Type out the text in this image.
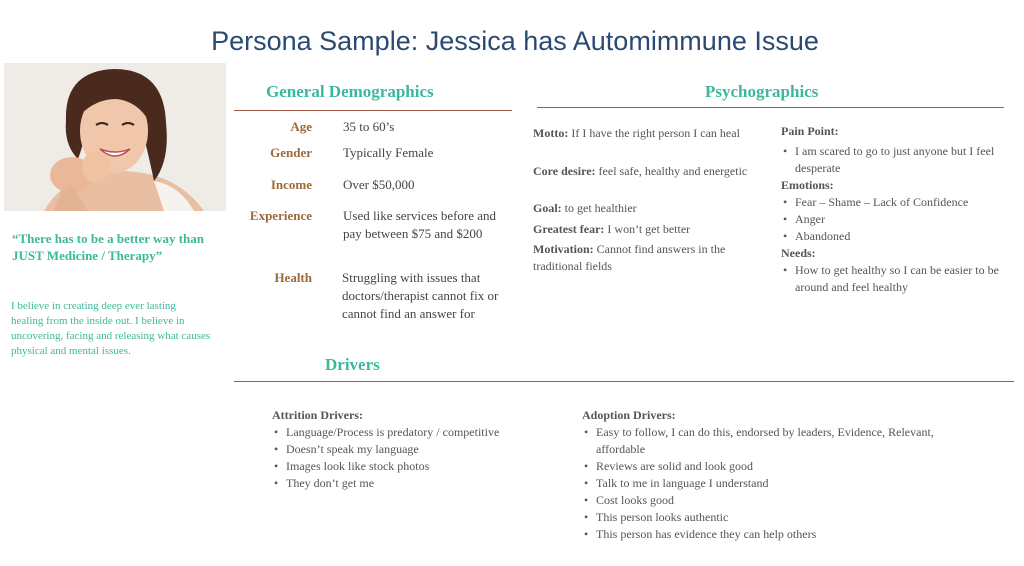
Persona Sample: Jessica has Automimmune Issue
“There has to be a better way than JUST Medicine / Therapy”
I believe in creating deep ever lasting healing from the inside out. I believe in uncovering, facing and releasing what causes physical and mental issues.
General Demographics
Age 35 to 60’s
Gender Typically Female
Income Over $50,000
Experience Used like services before and pay between $75 and $200
Health Struggling with issues that doctors/therapist cannot fix or cannot find an answer for
Psychographics
Motto: If I have the right person I can heal
Core desire: feel safe, healthy and energetic
Goal: to get healthier
Greatest fear: I won’t get better
Motivation: Cannot find answers in the traditional fields
Pain Point:
• I am scared to go to just anyone but I feel desperate
Emotions:
• Fear – Shame – Lack of Confidence
• Anger
• Abandoned
Needs:
• How to get healthy so I can be easier to be around and feel healthy
Drivers
Attrition Drivers:
• Language/Process is predatory / competitive
• Doesn’t speak my language
• Images look like stock photos
• They don’t get me
Adoption Drivers:
• Easy to follow, I can do this, endorsed by leaders, Evidence, Relevant, affordable
• Reviews are solid and look good
• Talk to me in language I understand
• Cost looks good
• This person looks authentic
• This person has evidence they can help others
